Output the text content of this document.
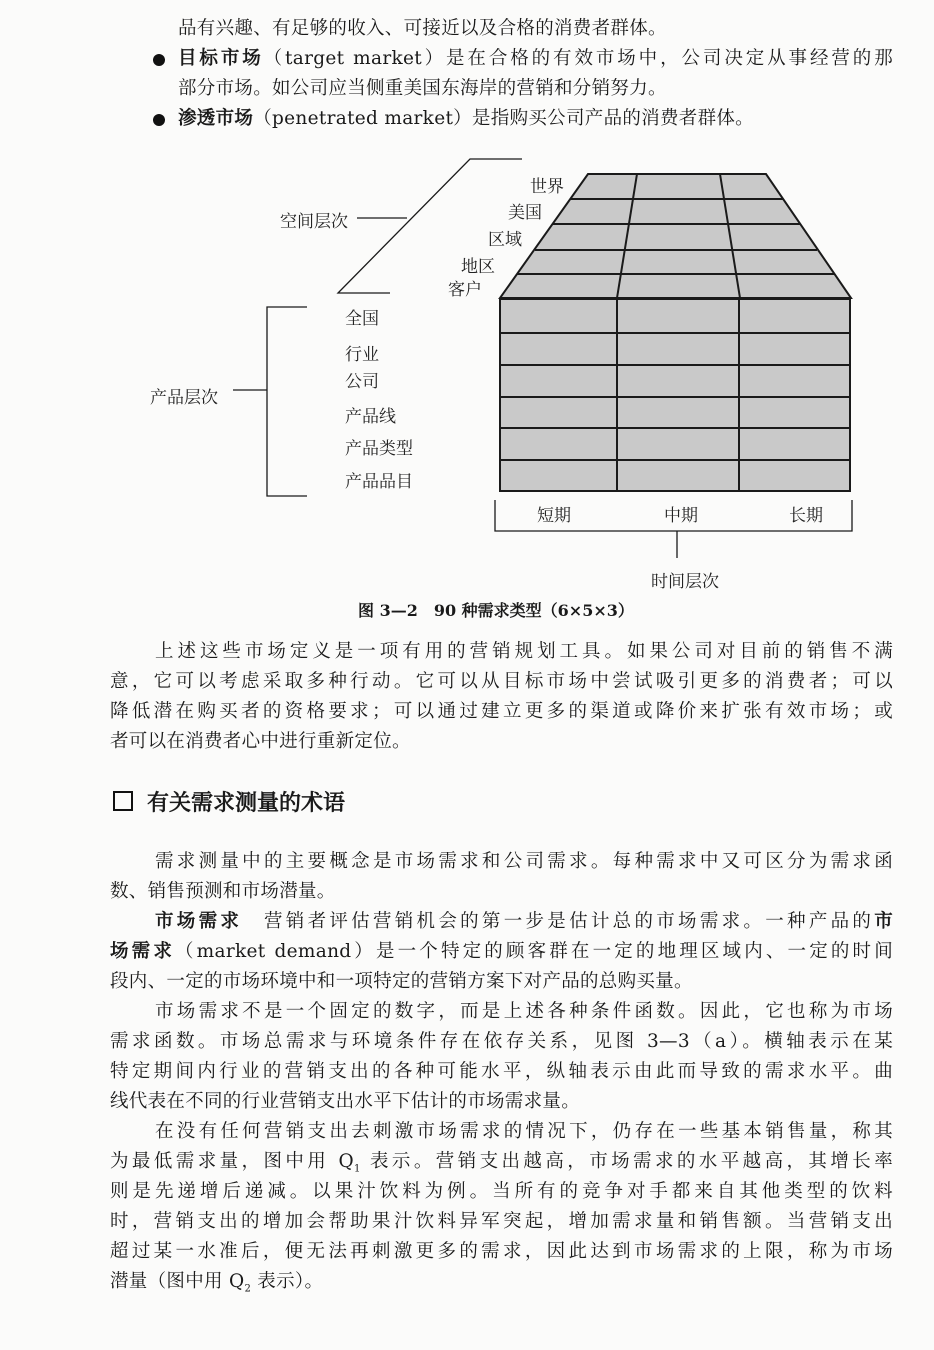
品有兴趣、有足够的收入、可接近以及合格的消费者群体。
目标市场（target market）是在合格的有效市场中，公司决定从事经营的那
部分市场。如公司应当侧重美国东海岸的营销和分销努力。
渗透市场（penetrated market）是指购买公司产品的消费者群体。
空间层次
世界
美国
区域
地区
客户
产品层次
全国
行业
公司
产品线
产品类型
产品品目
短期	中期	长期
时间层次
图 3—2　90 种需求类型（6×5×3）
上述这些市场定义是一项有用的营销规划工具。如果公司对目前的销售不满
意，它可以考虑采取多种行动。它可以从目标市场中尝试吸引更多的消费者；可以
降低潜在购买者的资格要求；可以通过建立更多的渠道或降价来扩张有效市场；或
者可以在消费者心中进行重新定位。
有关需求测量的术语
需求测量中的主要概念是市场需求和公司需求。每种需求中又可区分为需求函
数、销售预测和市场潜量。
市场需求　营销者评估营销机会的第一步是估计总的市场需求。一种产品的市
场需求（market demand）是一个特定的顾客群在一定的地理区域内、一定的时间
段内、一定的市场环境中和一项特定的营销方案下对产品的总购买量。
市场需求不是一个固定的数字，而是上述各种条件函数。因此，它也称为市场
需求函数。市场总需求与环境条件存在依存关系，见图 3—3（a）。横轴表示在某
特定期间内行业的营销支出的各种可能水平，纵轴表示由此而导致的需求水平。曲
线代表在不同的行业营销支出水平下估计的市场需求量。
在没有任何营销支出去刺激市场需求的情况下，仍存在一些基本销售量，称其
为最低需求量，图中用 $Q_1$ 表示。营销支出越高，市场需求的水平越高，其增长率
则是先递增后递减。以果汁饮料为例。当所有的竞争对手都来自其他类型的饮料
时，营销支出的增加会帮助果汁饮料异军突起，增加需求量和销售额。当营销支出
超过某一水准后，便无法再刺激更多的需求，因此达到市场需求的上限，称为市场
潜量（图中用 $Q_2$ 表示）。
